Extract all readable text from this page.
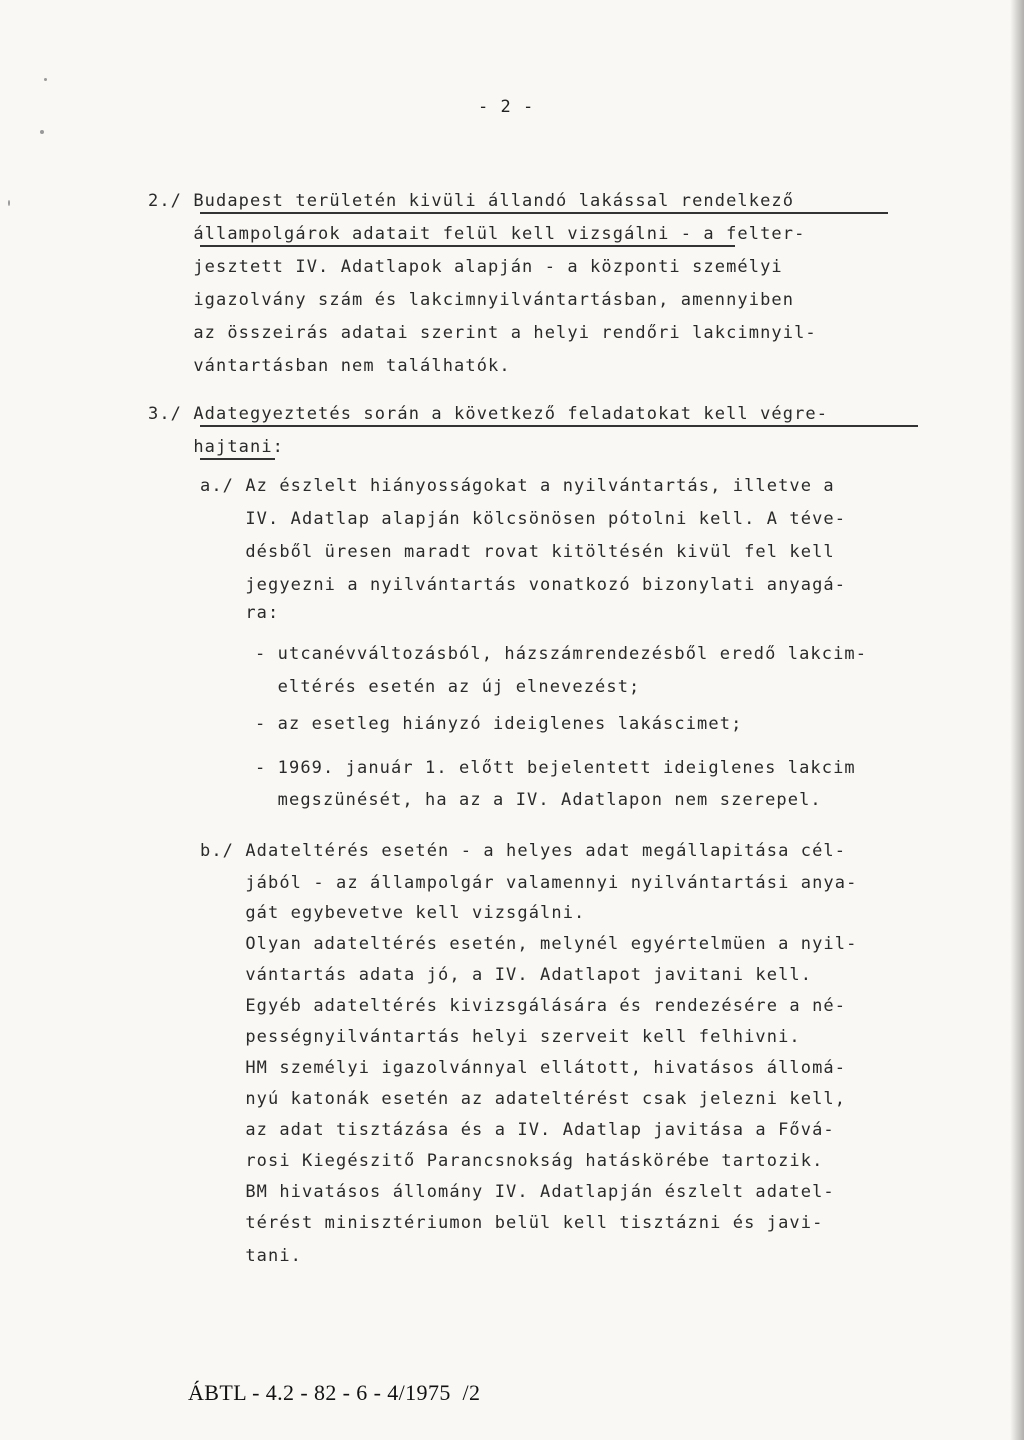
- 2 -
2./ Budapest területén kivüli állandó lakással rendelkező
állampolgárok adatait felül kell vizsgálni - a felter-
jesztett IV. Adatlapok alapján - a központi személyi
igazolvány szám és lakcimnyilvántartásban, amennyiben
az összeirás adatai szerint a helyi rendőri lakcimnyil-
vántartásban nem találhatók.
3./ Adategyeztetés során a következő feladatokat kell végre-
hajtani:
a./ Az észlelt hiányosságokat a nyilvántartás, illetve a
IV. Adatlap alapján kölcsönösen pótolni kell. A téve-
désből üresen maradt rovat kitöltésén kivül fel kell
jegyezni a nyilvántartás vonatkozó bizonylati anyagá-
ra:
- utcanévváltozásból, házszámrendezésből eredő lakcim-
eltérés esetén az új elnevezést;
- az esetleg hiányzó ideiglenes lakáscimet;
- 1969. január 1. előtt bejelentett ideiglenes lakcim
megszünését, ha az a IV. Adatlapon nem szerepel.
b./ Adateltérés esetén - a helyes adat megállapitása cél-
jából - az állampolgár valamennyi nyilvántartási anya-
gát egybevetve kell vizsgálni.
Olyan adateltérés esetén, melynél egyértelmüen a nyil-
vántartás adata jó, a IV. Adatlapot javitani kell.
Egyéb adateltérés kivizsgálására és rendezésére a né-
pességnyilvántartás helyi szerveit kell felhivni.
HM személyi igazolvánnyal ellátott, hivatásos állomá-
nyú katonák esetén az adateltérést csak jelezni kell,
az adat tisztázása és a IV. Adatlap javitása a Fővá-
rosi Kiegészitő Parancsnokság hatáskörébe tartozik.
BM hivatásos állomány IV. Adatlapján észlelt adatel-
térést minisztériumon belül kell tisztázni és javi-
tani.
ÁBTL - 4.2 - 82 - 6 - 4/1975  /2
